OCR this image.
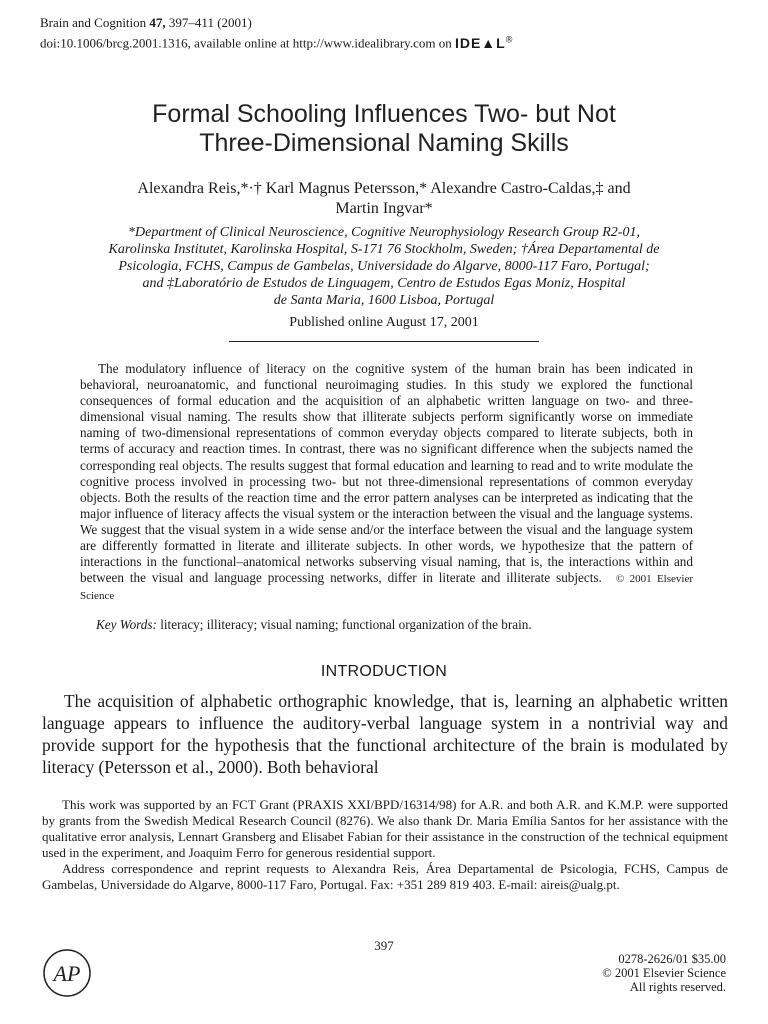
Brain and Cognition 47, 397–411 (2001)
doi:10.1006/brcg.2001.1316, available online at http://www.idealibrary.com on IDE▲L®
Formal Schooling Influences Two- but Not
Three-Dimensional Naming Skills
Alexandra Reis,*·† Karl Magnus Petersson,* Alexandre Castro-Caldas,‡ and
Martin Ingvar*
*Department of Clinical Neuroscience, Cognitive Neurophysiology Research Group R2-01,
Karolinska Institutet, Karolinska Hospital, S-171 76 Stockholm, Sweden; †Área Departamental de
Psicologia, FCHS, Campus de Gambelas, Universidade do Algarve, 8000-117 Faro, Portugal;
and ‡Laboratório de Estudos de Linguagem, Centro de Estudos Egas Moniz, Hospital
de Santa Maria, 1600 Lisboa, Portugal
Published online August 17, 2001
The modulatory influence of literacy on the cognitive system of the human brain has been indicated in behavioral, neuroanatomic, and functional neuroimaging studies. In this study we explored the functional consequences of formal education and the acquisition of an alphabetic written language on two- and three-dimensional visual naming. The results show that illiterate subjects perform significantly worse on immediate naming of two-dimensional representations of common everyday objects compared to literate subjects, both in terms of accuracy and reaction times. In contrast, there was no significant difference when the subjects named the corresponding real objects. The results suggest that formal education and learning to read and to write modulate the cognitive process involved in processing two- but not three-dimensional representations of common everyday objects. Both the results of the reaction time and the error pattern analyses can be interpreted as indicating that the major influence of literacy affects the visual system or the interaction between the visual and the language systems. We suggest that the visual system in a wide sense and/or the interface between the visual and the language system are differently formatted in literate and illiterate subjects. In other words, we hypothesize that the pattern of interactions in the functional–anatomical networks subserving visual naming, that is, the interactions within and between the visual and language processing networks, differ in literate and illiterate subjects. © 2001 Elsevier Science
Key Words: literacy; illiteracy; visual naming; functional organization of the brain.
INTRODUCTION
The acquisition of alphabetic orthographic knowledge, that is, learning an alphabetic written language appears to influence the auditory-verbal language system in a nontrivial way and provide support for the hypothesis that the functional architecture of the brain is modulated by literacy (Petersson et al., 2000). Both behavioral

This work was supported by an FCT Grant (PRAXIS XXI/BPD/16314/98) for A.R. and both A.R. and K.M.P. were supported by grants from the Swedish Medical Research Council (8276). We also thank Dr. Maria Emília Santos for her assistance with the qualitative error analysis, Lennart Gransberg and Elisabet Fabian for their assistance in the construction of the technical equipment used in the experiment, and Joaquim Ferro for generous residential support.

Address correspondence and reprint requests to Alexandra Reis, Área Departamental de Psicologia, FCHS, Campus de Gambelas, Universidade do Algarve, 8000-117 Faro, Portugal. Fax: +351 289 819 403. E-mail: aireis@ualg.pt.

397
AP
0278-2626/01 $35.00
© 2001 Elsevier Science
All rights reserved.
